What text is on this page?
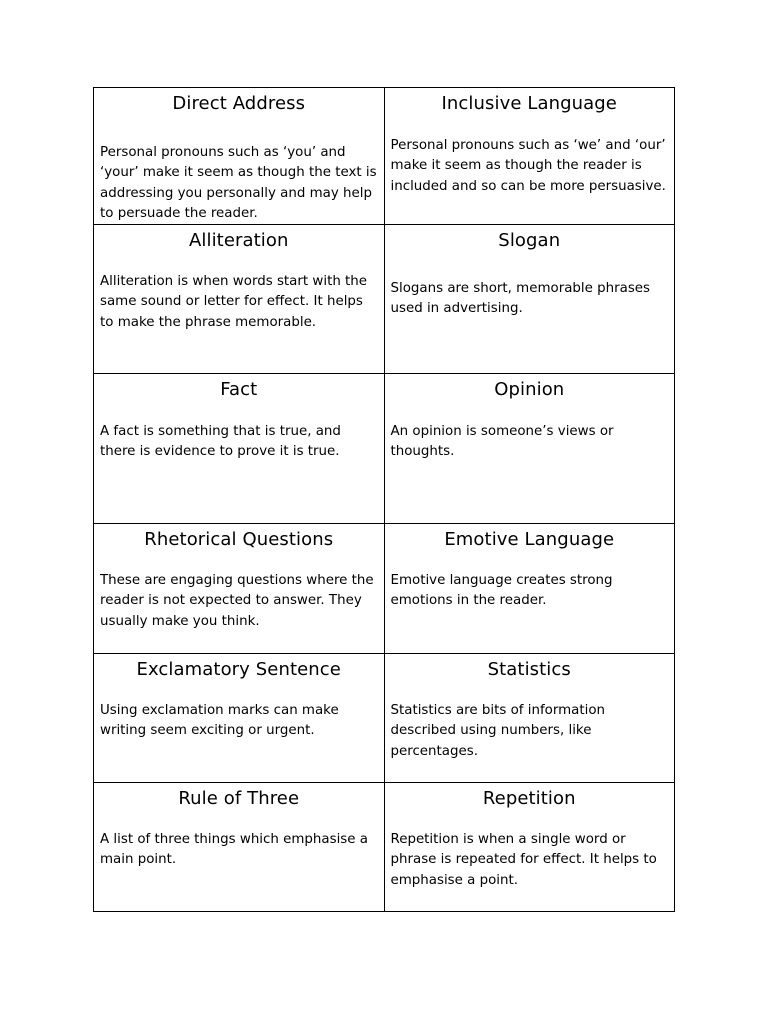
Direct Address

Personal pronouns such as ‘you’ and ‘your’ make it seem as though the text is addressing you personally and may help to persuade the reader.

Inclusive Language

Personal pronouns such as ‘we’ and ‘our’ make it seem as though the reader is included and so can be more persuasive.

Alliteration

Alliteration is when words start with the same sound or letter for effect. It helps to make the phrase memorable.

Slogan

Slogans are short, memorable phrases used in advertising.

Fact

A fact is something that is true, and there is evidence to prove it is true.

Opinion

An opinion is someone’s views or thoughts.

Rhetorical Questions

These are engaging questions where the reader is not expected to answer. They usually make you think.

Emotive Language

Emotive language creates strong emotions in the reader.

Exclamatory Sentence

Using exclamation marks can make writing seem exciting or urgent.

Statistics

Statistics are bits of information described using numbers, like percentages.

Rule of Three

A list of three things which emphasise a main point.

Repetition

Repetition is when a single word or phrase is repeated for effect. It helps to emphasise a point.
